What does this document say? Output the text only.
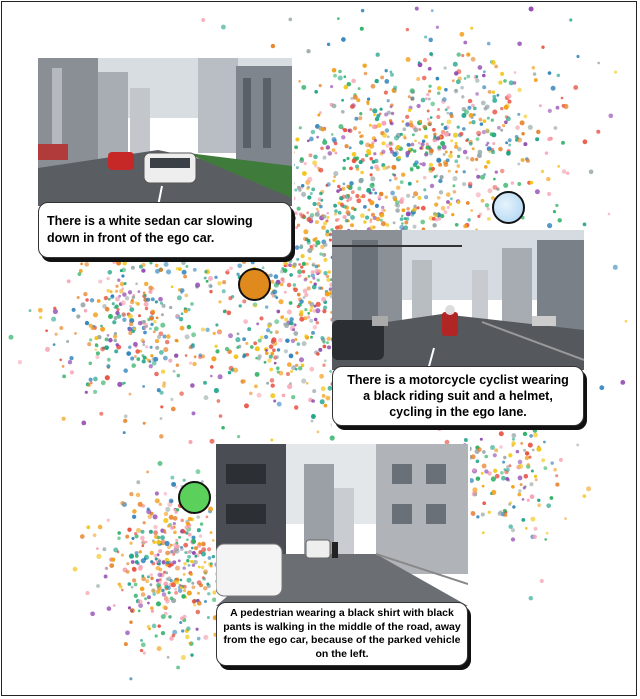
There is a white sedan car slowing down in front of the ego car.
There is a motorcycle cyclist wearing a black riding suit and a helmet, cycling in the ego lane.
A pedestrian wearing a black shirt with black pants is walking in the middle of the road, away from the ego car, because of the parked vehicle on the left.
